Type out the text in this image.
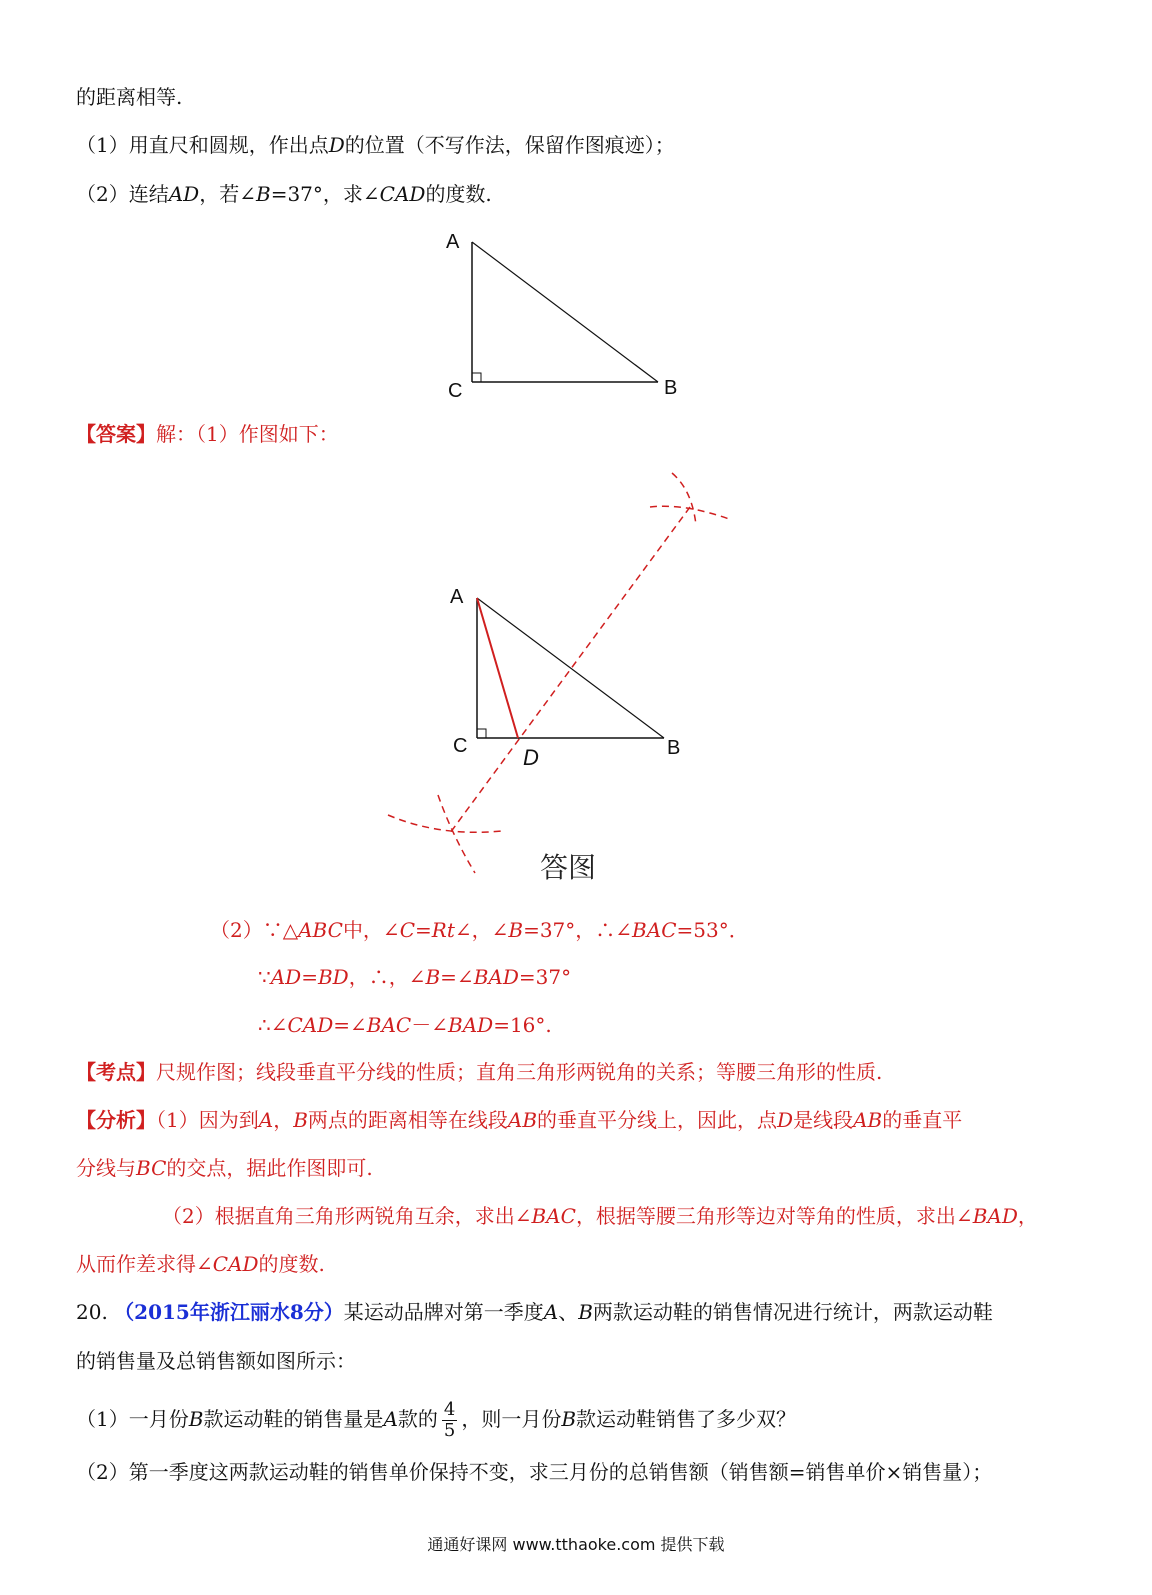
的距离相等.
（1）用直尺和圆规，作出点D的位置（不写作法，保留作图痕迹）；
（2）连结AD，若∠B=37°，求∠CAD的度数.
A
C	B
【答案】解：（1）作图如下：
A
C	B
D
答图
（2）∵△ABC中，∠C=Rt∠，∠B=37°，∴∠BAC=53°．
∵AD=BD，∴，∠B=∠BAD=37°
∴∠CAD=∠BAC－∠BAD=16°.
【考点】尺规作图；线段垂直平分线的性质；直角三角形两锐角的关系；等腰三角形的性质.
【分析】（1）因为到A，B两点的距离相等在线段AB的垂直平分线上，因此，点D是线段AB的垂直平
分线与BC的交点，据此作图即可.
（2）根据直角三角形两锐角互余，求出∠BAC，根据等腰三角形等边对等角的性质，求出∠BAD，
从而作差求得∠CAD的度数.
20. （2015年浙江丽水8分）某运动品牌对第一季度A、B两款运动鞋的销售情况进行统计，两款运动鞋
的销售量及总销售额如图所示：
（1）一月份B款运动鞋的销售量是A款的 $\frac{4}{5}$ ，则一月份B款运动鞋销售了多少双？
（2）第一季度这两款运动鞋的销售单价保持不变，求三月份的总销售额（销售额=销售单价×销售量）；
通通好课网 www.tthaoke.com 提供下载
